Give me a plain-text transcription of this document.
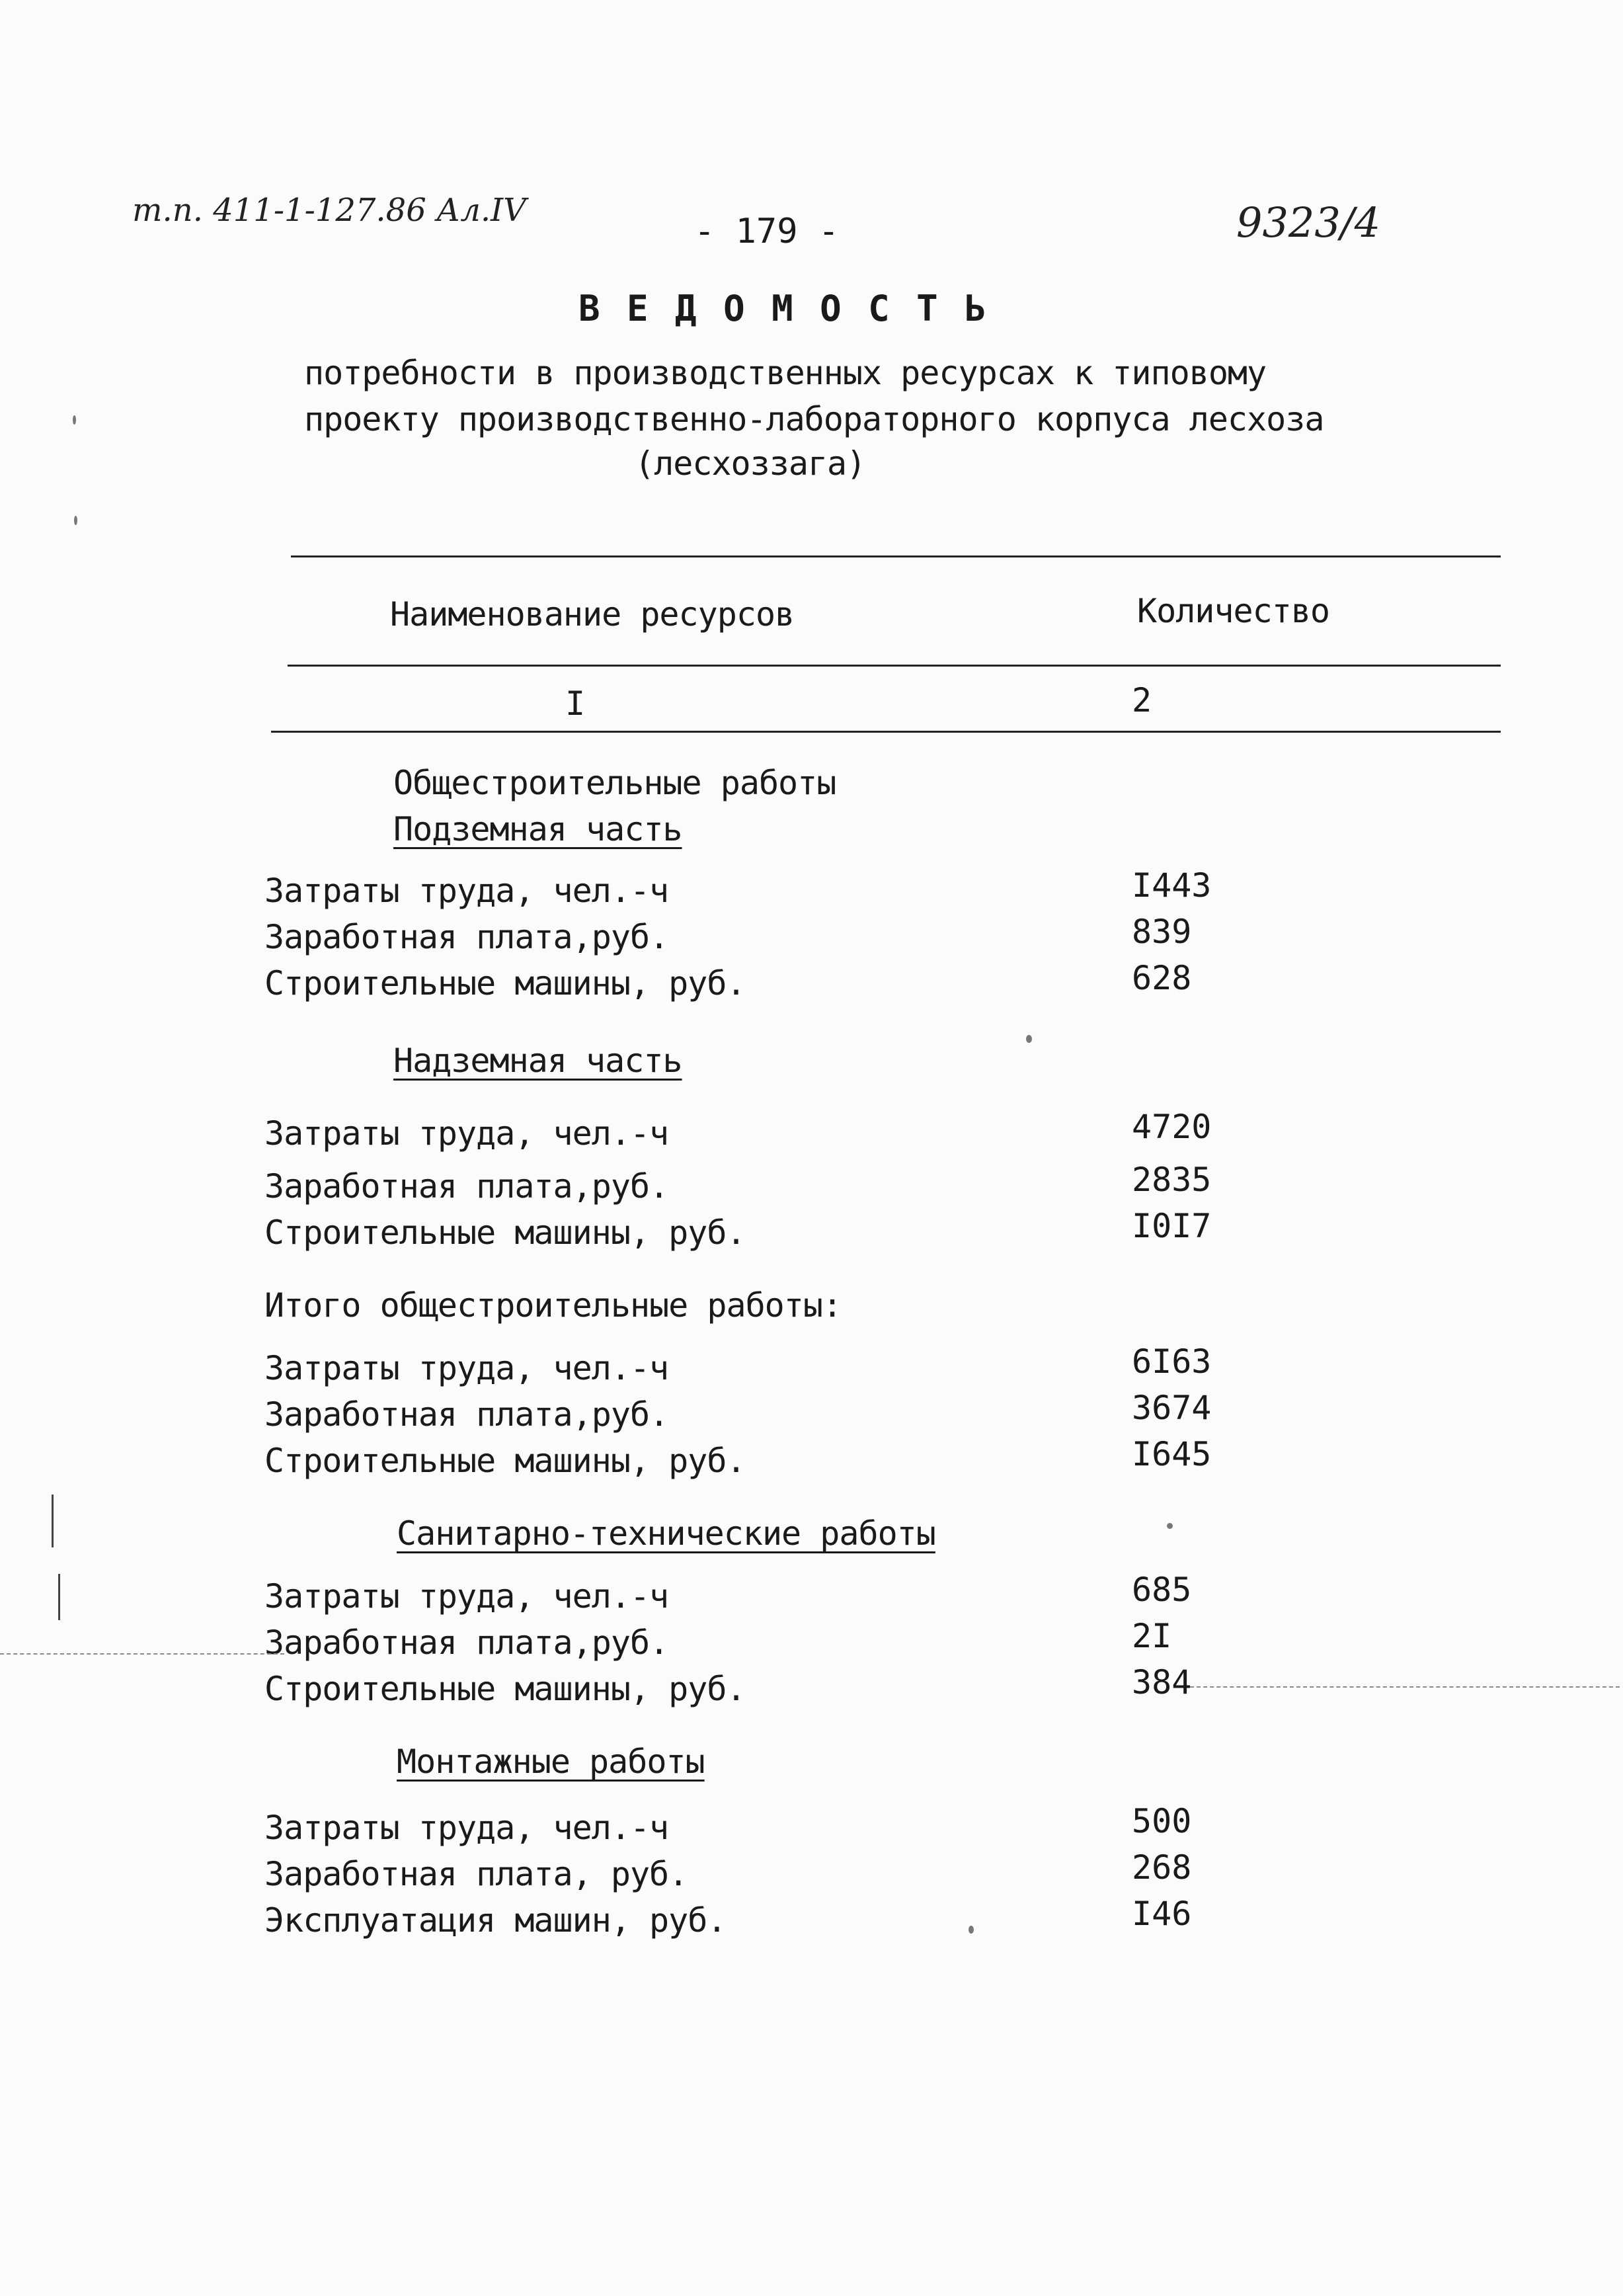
т.п. 411-1-127.86 Ал.IV
- 179 -	9323/4
В Е Д О М О С Т Ь
потребности в производственных ресурсах к типовому
проекту производственно-лабораторного корпуса лесхоза
(лесхоззага)
Наименование ресурсов	Количество
I	2
Общестроительные работы
Подземная часть
Затраты труда, чел.-ч	I443
Заработная плата,руб.	839
Строительные машины, руб.	628
Надземная часть
Затраты труда, чел.-ч	4720
Заработная плата,руб.	2835
Строительные машины, руб.	I0I7
Итого общестроительные работы:
Затраты труда, чел.-ч	6I63
Заработная плата,руб.	3674
Строительные машины, руб.	I645
Санитарно-технические работы
Затраты труда, чел.-ч	685
Заработная плата,руб.	2I
Строительные машины, руб.	384
Монтажные работы
Затраты труда, чел.-ч	500
Заработная плата, руб.	268
Эксплуатация машин, руб.	I46
